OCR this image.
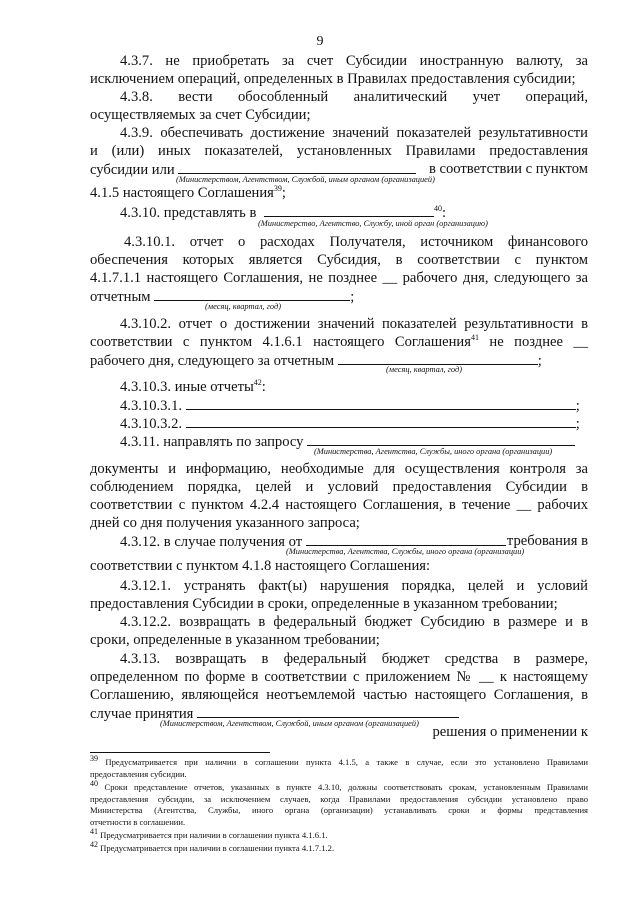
9
4.3.7. не приобретать за счет Субсидии иностранную валюту, за
исключением операций, определенных в Правилах предоставления субсидии;
4.3.8. вести обособленный аналитический учет операций,
осуществляемых за счет Субсидии;
4.3.9. обеспечивать достижение значений показателей результативности
и (или) иных показателей, установленных Правилами предоставления
субсидии или	в соответствии с пунктом
(Министерством, Агентством, Службой, иным органом (организацией)
4.1.5 настоящего Соглашения$^{39}$;
4.3.10. представлять в	$^{40}$:
(Министерство, Агентство, Службу, иной орган (организацию)
4.3.10.1. отчет о расходах Получателя, источником финансового
обеспечения которых является Субсидия, в соответствии с пунктом
4.1.7.1.1 настоящего Соглашения, не позднее __ рабочего дня, следующего за
отчетным	;
(месяц, квартал, год)
4.3.10.2. отчет о достижении значений показателей результативности в
соответствии с пунктом 4.1.6.1 настоящего Соглашения$^{41}$ не позднее __
рабочего дня, следующего за отчетным	;
(месяц, квартал, год)
4.3.10.3. иные отчеты$^{42}$:
4.3.10.3.1.	;
4.3.10.3.2.	;
4.3.11. направлять по запросу
(Министерства, Агентства, Службы, иного органа (организации)
документы и информацию, необходимые для осуществления контроля за
соблюдением порядка, целей и условий предоставления Субсидии в
соответствии с пунктом 4.2.4 настоящего Соглашения, в течение __ рабочих
дней со дня получения указанного запроса;
4.3.12. в случае получения от	требования в
(Министерства, Агентства, Службы, иного органа (организации)
соответствии с пунктом 4.1.8 настоящего Соглашения:
4.3.12.1. устранять факт(ы) нарушения порядка, целей и условий
предоставления Субсидии в сроки, определенные в указанном требовании;
4.3.12.2. возвращать в федеральный бюджет Субсидию в размере и в
сроки, определенные в указанном требовании;
4.3.13. возвращать в федеральный бюджет средства в размере,
определенном по форме в соответствии с приложением № __ к настоящему
Соглашению, являющейся неотъемлемой частью настоящего Соглашения, в
случае принятия
решения о применении к
(Министерством, Агентством, Службой, иным органом (организацией)
$^{39}$ Предусматривается при наличии в соглашении пункта 4.1.5, а также в случае, если это установлено Правилами
предоставления субсидии.
$^{40}$ Сроки представление отчетов, указанных в пункте 4.3.10, должны соответствовать срокам, установленным Правилами
предоставления субсидии, за исключением случаев, когда Правилами предоставления субсидии установлено право
Министерства (Агентства, Службы, иного органа (организации) устанавливать сроки и формы представления
отчетности в соглашении.
$^{41}$ Предусматривается при наличии в соглашении пункта 4.1.6.1.
$^{42}$ Предусматривается при наличии в соглашении пункта 4.1.7.1.2.
